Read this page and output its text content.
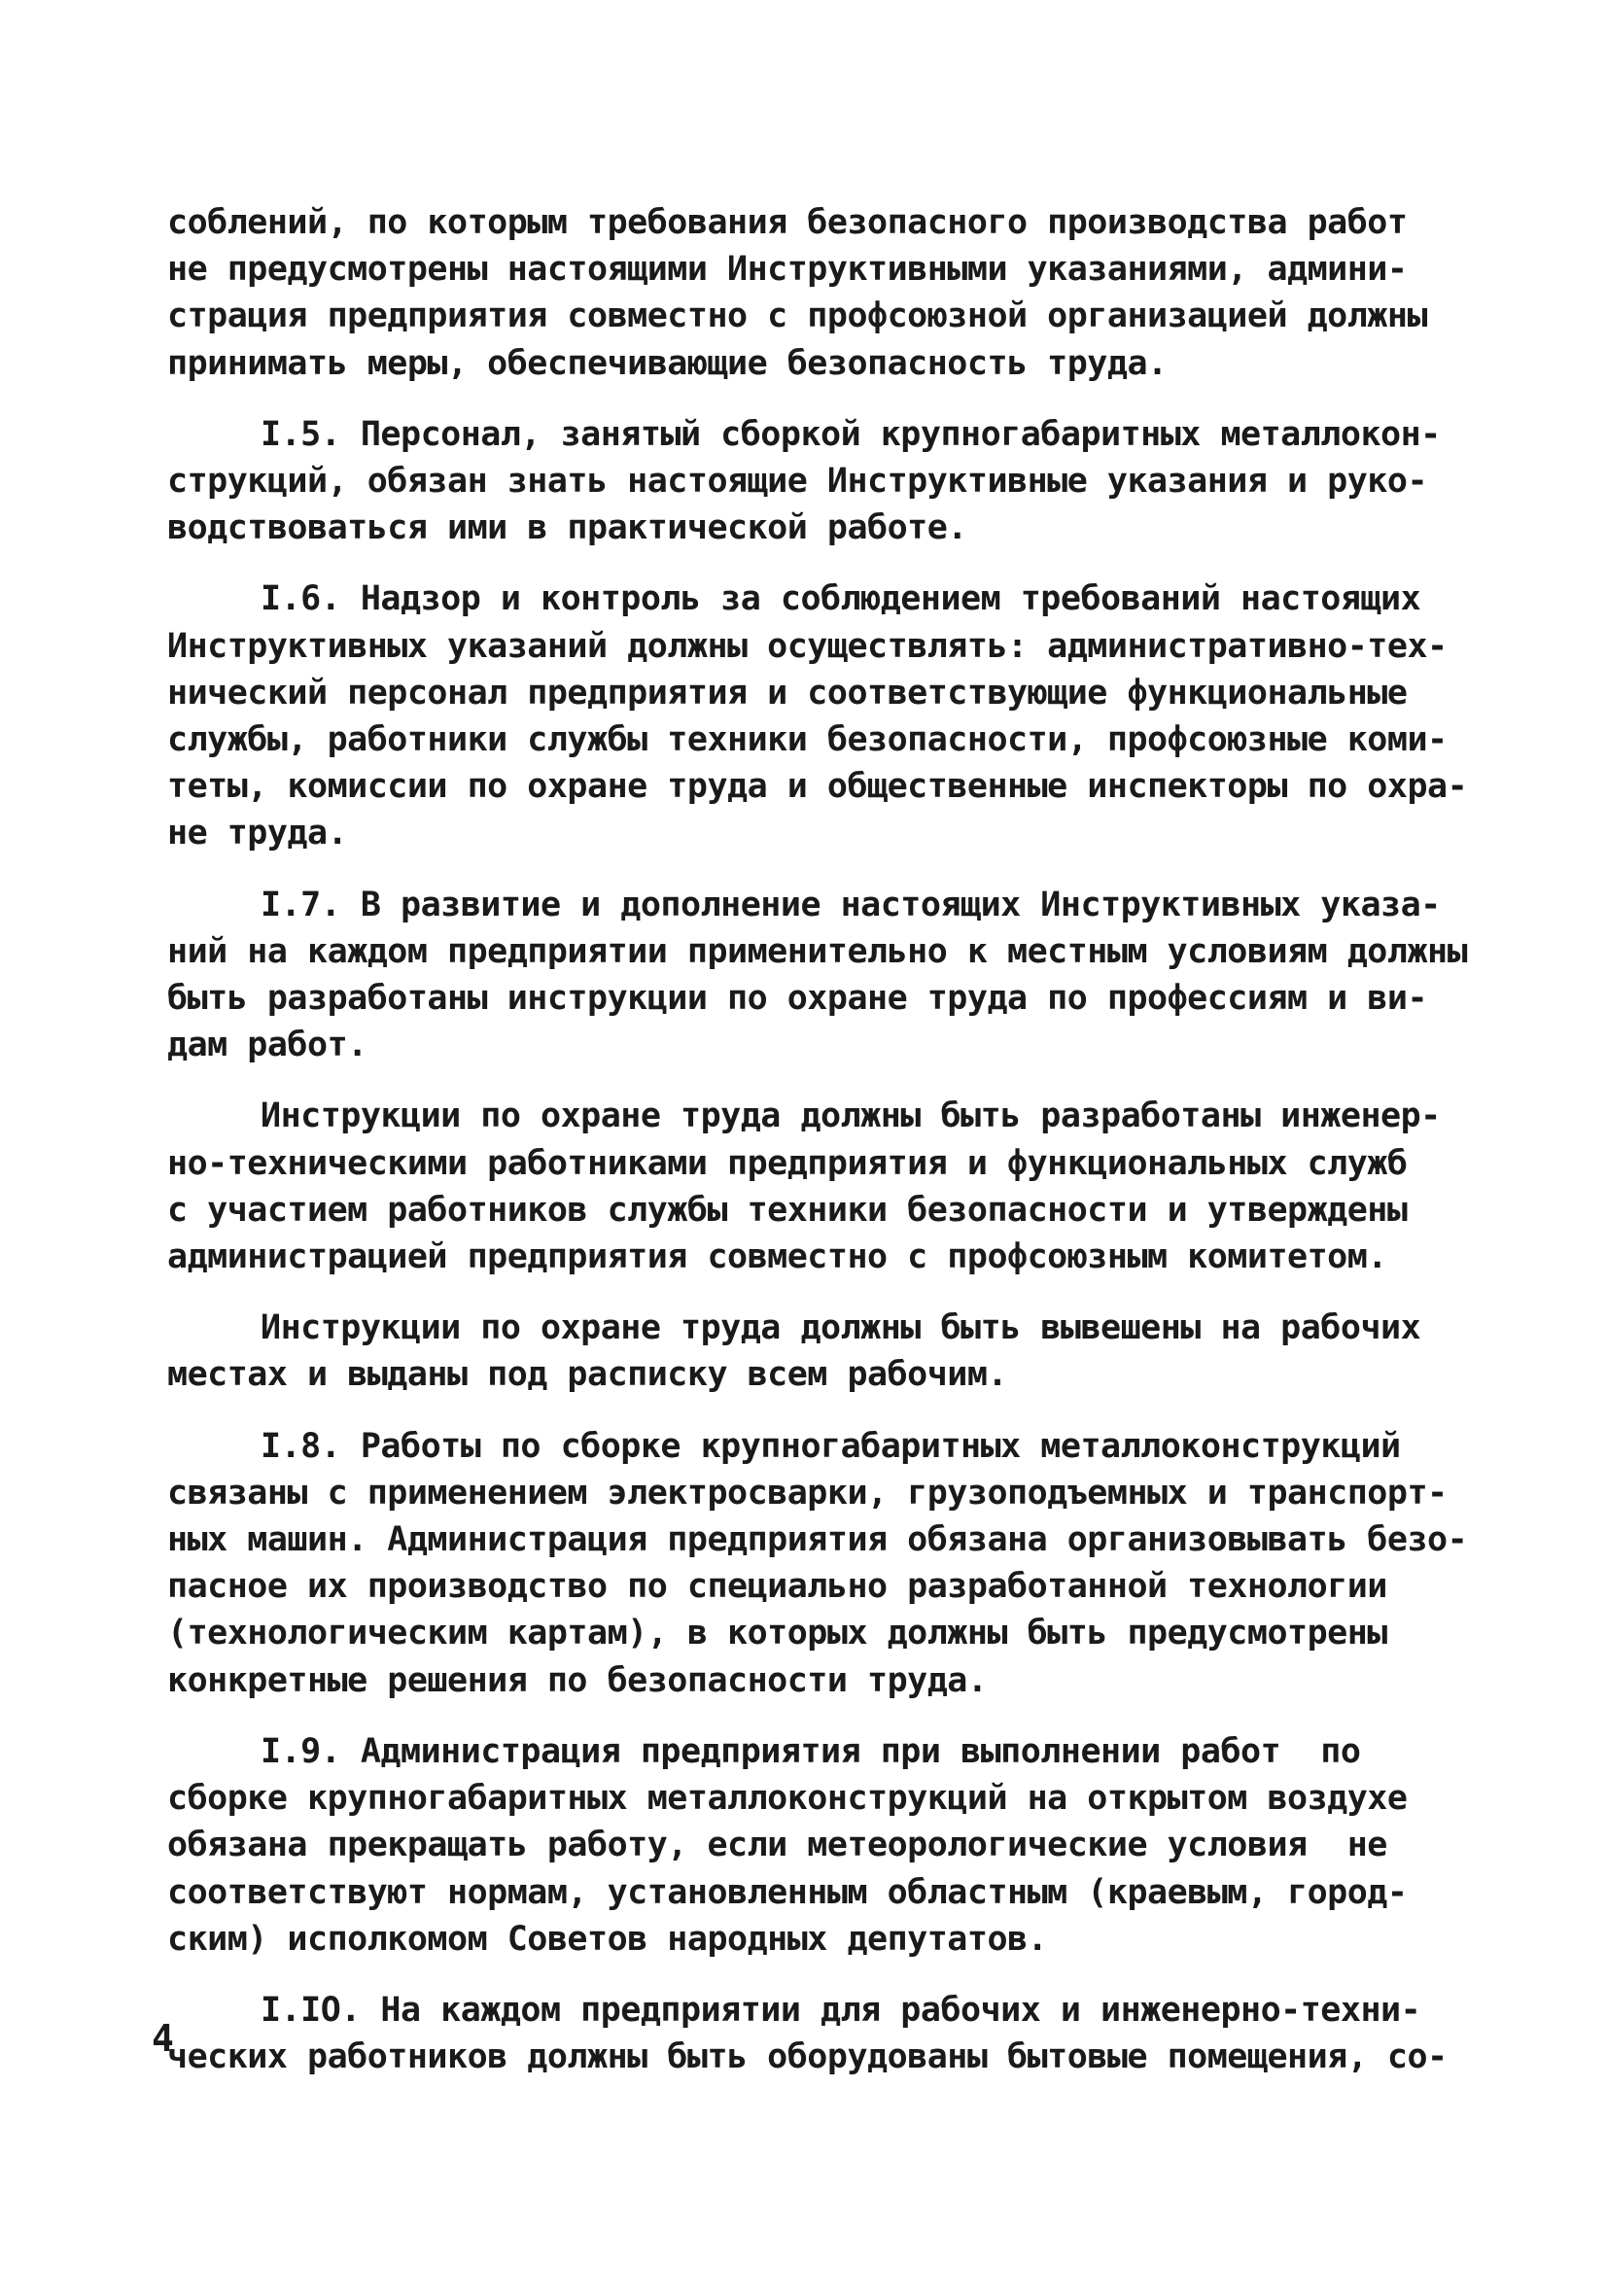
соблений, по которым требования безопасного производства работ
не предусмотрены настоящими Инструктивными указаниями, админи-
страция предприятия совместно с профсоюзной организацией должны
принимать меры, обеспечивающие безопасность труда.
I.5. Персонал, занятый сборкой крупногабаритных металлокон-
струкций, обязан знать настоящие Инструктивные указания и руко-
водствоваться ими в практической работе.
I.6. Надзор и контроль за соблюдением требований настоящих
Инструктивных указаний должны осуществлять: административно-тех-
нический персонал предприятия и соответствующие функциональные
службы, работники службы техники безопасности, профсоюзные коми-
теты, комиссии по охране труда и общественные инспекторы по охра-
не труда.
I.7. В развитие и дополнение настоящих Инструктивных указа-
ний на каждом предприятии применительно к местным условиям должны
быть разработаны инструкции по охране труда по профессиям и ви-
дам работ.
Инструкции по охране труда должны быть разработаны инженер-
но-техническими работниками предприятия и функциональных служб
с участием работников службы техники безопасности и утверждены
администрацией предприятия совместно с профсоюзным комитетом.
Инструкции по охране труда должны быть вывешены на рабочих
местах и выданы под расписку всем рабочим.
I.8. Работы по сборке крупногабаритных металлоконструкций
связаны с применением электросварки, грузоподъемных и транспорт-
ных машин. Администрация предприятия обязана организовывать безо-
пасное их производство по специально разработанной технологии
(технологическим картам), в которых должны быть предусмотрены
конкретные решения по безопасности труда.
I.9. Администрация предприятия при выполнении работ  по
сборке крупногабаритных металлоконструкций на открытом воздухе
обязана прекращать работу, если метеорологические условия  не
соответствуют нормам, установленным областным (краевым, город-
ским) исполкомом Советов народных депутатов.
I.IO. На каждом предприятии для рабочих и инженерно-техни-
ческих работников должны быть оборудованы бытовые помещения, со-
4
